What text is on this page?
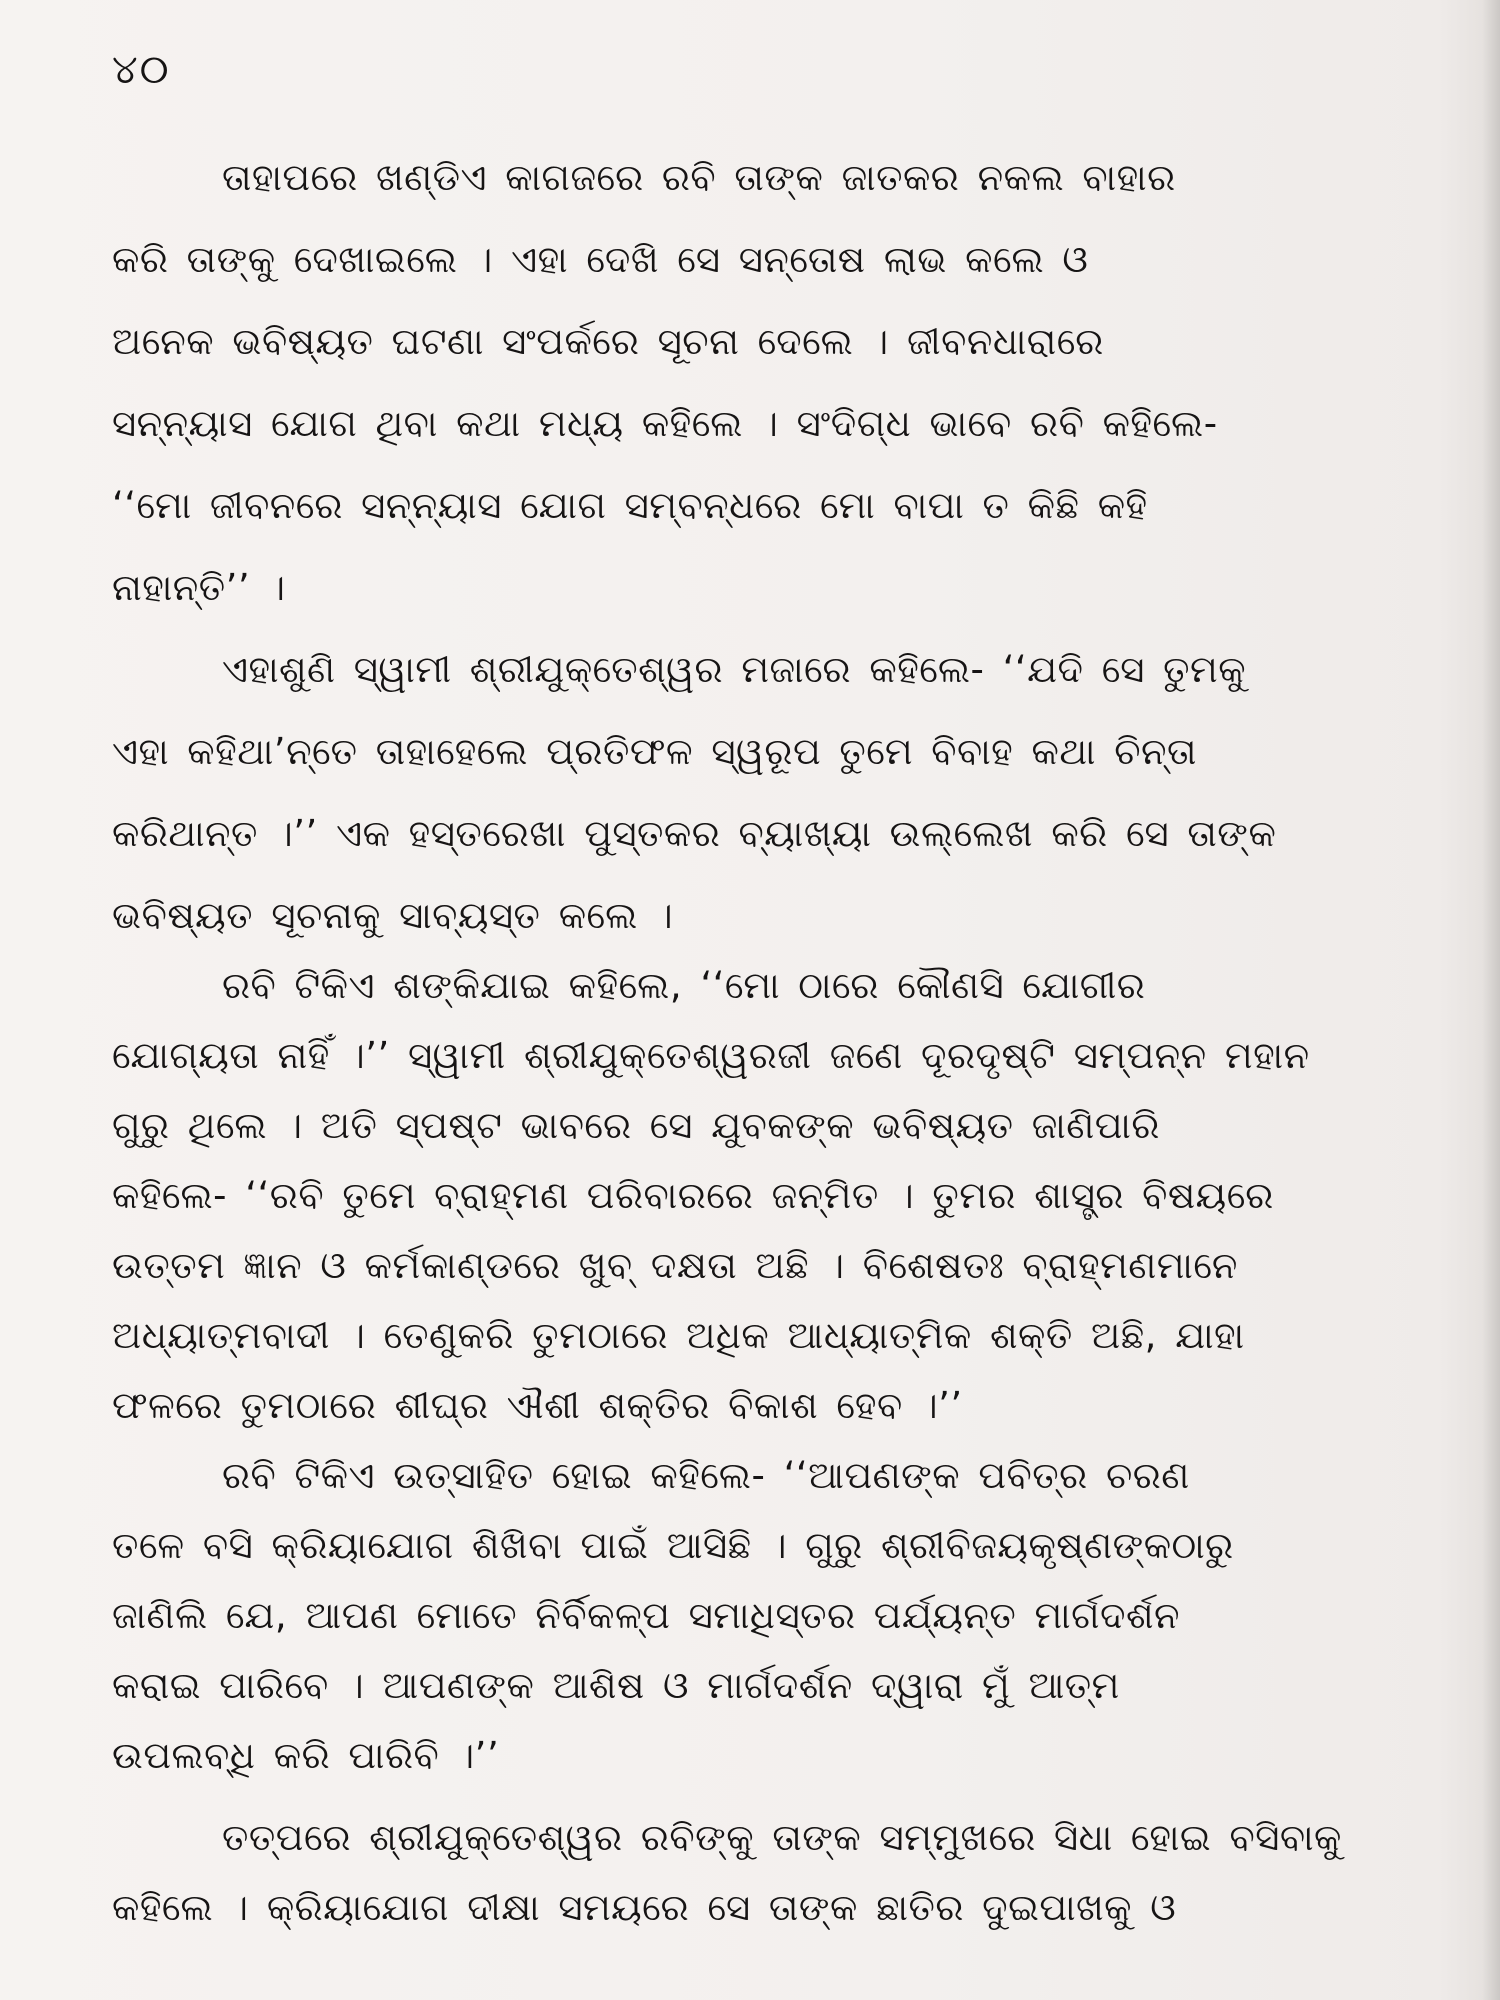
୪୦
ତାହାପରେ ଖଣ୍ଡିଏ କାଗଜରେ ରବି ତାଙ୍କ ଜାତକର ନକଲ ବାହାର
କରି ତାଙ୍କୁ ଦେଖାଇଲେ । ଏହା ଦେଖି ସେ ସନ୍ତୋଷ ଲାଭ କଲେ ଓ
ଅନେକ ଭବିଷ୍ୟତ ଘଟଣା ସଂପର୍କରେ ସୂଚନା ଦେଲେ । ଜୀବନଧାରାରେ
ସନ୍ନ୍ୟାସ ଯୋଗ ଥିବା କଥା ମଧ୍ୟ କହିଲେ । ସଂଦିଗ୍ଧ ଭାବେ ରବି କହିଲେ-
‘‘ମୋ ଜୀବନରେ ସନ୍ନ୍ୟାସ ଯୋଗ ସମ୍ବନ୍ଧରେ ମୋ ବାପା ତ କିଛି କହି
ନାହାନ୍ତି’’ ।
ଏହାଶୁଣି ସ୍ୱାମୀ ଶ୍ରୀଯୁକ୍ତେଶ୍ୱର ମଜାରେ କହିଲେ- ‘‘ଯଦି ସେ ତୁମକୁ
ଏହା କହିଥା’ନ୍ତେ ତାହାହେଲେ ପ୍ରତିଫଳ ସ୍ୱରୂପ ତୁମେ ବିବାହ କଥା ଚିନ୍ତା
କରିଥାନ୍ତ ।’’ ଏକ ହସ୍ତରେଖା ପୁସ୍ତକର ବ୍ୟାଖ୍ୟା ଉଲ୍ଲେଖ କରି ସେ ତାଙ୍କ
ଭବିଷ୍ୟତ ସୂଚନାକୁ ସାବ୍ୟସ୍ତ କଲେ ।
ରବି ଟିକିଏ ଶଙ୍କିଯାଇ କହିଲେ, ‘‘ମୋ ଠାରେ କୌଣସି ଯୋଗୀର
ଯୋଗ୍ୟତା ନାହିଁ ।’’ ସ୍ୱାମୀ ଶ୍ରୀଯୁକ୍ତେଶ୍ୱରଜୀ ଜଣେ ଦୂରଦୃଷ୍ଟି ସମ୍ପନ୍ନ ମହାନ
ଗୁରୁ ଥିଲେ । ଅତି ସ୍ପଷ୍ଟ ଭାବରେ ସେ ଯୁବକଙ୍କ ଭବିଷ୍ୟତ ଜାଣିପାରି
କହିଲେ- ‘‘ରବି ତୁମେ ବ୍ରାହ୍ମଣ ପରିବାରରେ ଜନ୍ମିତ । ତୁମର ଶାସ୍ତ୍ର ବିଷୟରେ
ଉତ୍ତମ ଜ୍ଞାନ ଓ କର୍ମକାଣ୍ଡରେ ଖୁବ୍ ଦକ୍ଷତା ଅଛି । ବିଶେଷତଃ ବ୍ରାହ୍ମଣମାନେ
ଅଧ୍ୟାତ୍ମବାଦୀ । ତେଣୁକରି ତୁମଠାରେ ଅଧିକ ଆଧ୍ୟାତ୍ମିକ ଶକ୍ତି ଅଛି, ଯାହା
ଫଳରେ ତୁମଠାରେ ଶୀଘ୍ର ଐଶୀ ଶକ୍ତିର ବିକାଶ ହେବ ।’’
ରବି ଟିକିଏ ଉତ୍ସାହିତ ହୋଇ କହିଲେ- ‘‘ଆପଣଙ୍କ ପବିତ୍ର ଚରଣ
ତଳେ ବସି କ୍ରିୟାଯୋଗ ଶିଖିବା ପାଇଁ ଆସିଛି । ଗୁରୁ ଶ୍ରୀବିଜୟକୃଷ୍ଣଙ୍କଠାରୁ
ଜାଣିଲି ଯେ, ଆପଣ ମୋତେ ନିର୍ବିକଳ୍ପ ସମାଧିସ୍ତର ପର୍ଯ୍ୟନ୍ତ ମାର୍ଗଦର୍ଶନ
କରାଇ ପାରିବେ । ଆପଣଙ୍କ ଆଶିଷ ଓ ମାର୍ଗଦର୍ଶନ ଦ୍ୱାରା ମୁଁ ଆତ୍ମ
ଉପଲବ୍ଧି କରି ପାରିବି ।’’
ତତ୍ପରେ ଶ୍ରୀଯୁକ୍ତେଶ୍ୱର ରବିଙ୍କୁ ତାଙ୍କ ସମ୍ମୁଖରେ ସିଧା ହୋଇ ବସିବାକୁ
କହିଲେ । କ୍ରିୟାଯୋଗ ଦୀକ୍ଷା ସମୟରେ ସେ ତାଙ୍କ ଛାତିର ଦୁଇପାଖକୁ ଓ
